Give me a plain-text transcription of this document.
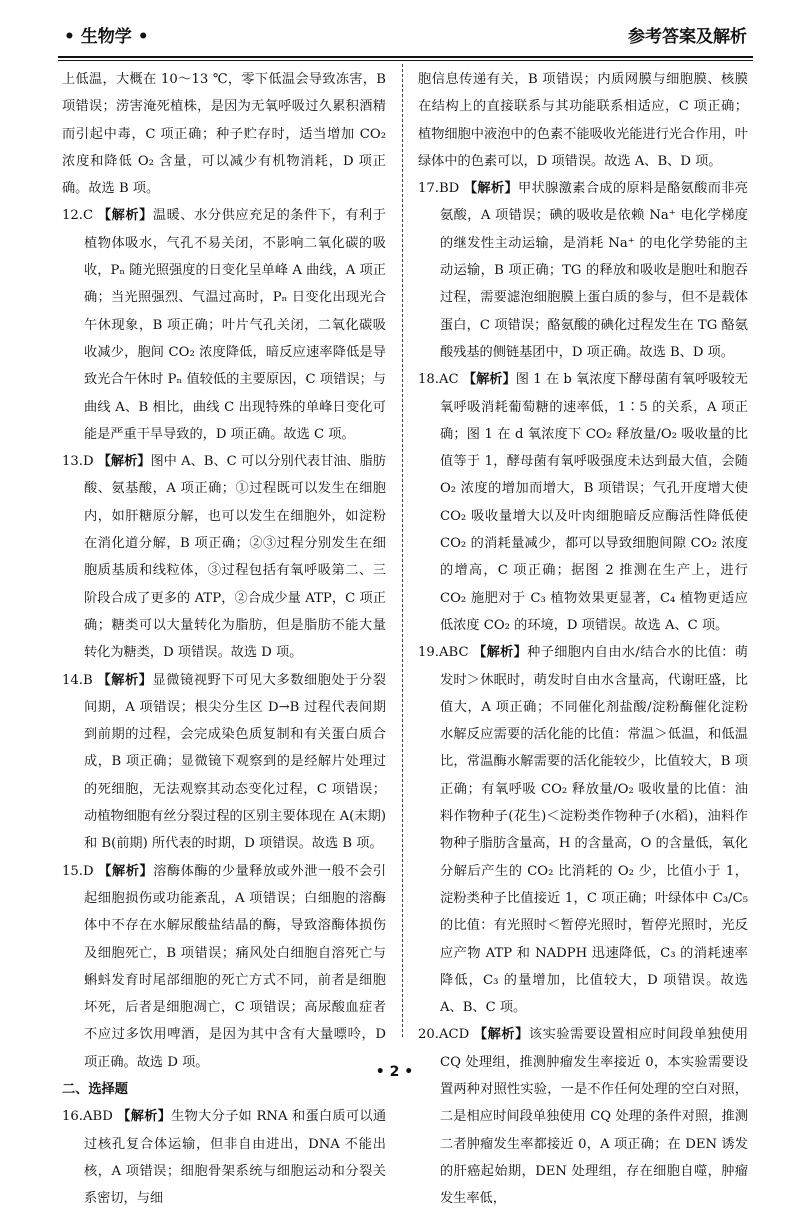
• 生物学 •	参考答案及解析

上低温，大概在 10～13 ℃，零下低温会导致冻害，B 项错误；涝害淹死植株，是因为无氧呼吸过久累积酒精而引起中毒，C 项正确；种子贮存时，适当增加 CO₂ 浓度和降低 O₂ 含量，可以减少有机物消耗，D 项正确。故选 B 项。

12.C 【解析】温暖、水分供应充足的条件下，有利于植物体吸水，气孔不易关闭，不影响二氧化碳的吸收，Pₙ 随光照强度的日变化呈单峰 A 曲线，A 项正确；当光照强烈、气温过高时，Pₙ 日变化出现光合午休现象，B 项正确；叶片气孔关闭，二氧化碳吸收减少，胞间 CO₂ 浓度降低，暗反应速率降低是导致光合午休时 Pₙ 值较低的主要原因，C 项错误；与曲线 A、B 相比，曲线 C 出现特殊的单峰日变化可能是严重干旱导致的，D 项正确。故选 C 项。

13.D 【解析】图中 A、B、C 可以分别代表甘油、脂肪酸、氨基酸，A 项正确；①过程既可以发生在细胞内，如肝糖原分解，也可以发生在细胞外，如淀粉在消化道分解，B 项正确；②③过程分别发生在细胞质基质和线粒体，③过程包括有氧呼吸第二、三阶段合成了更多的 ATP，②合成少量 ATP，C 项正确；糖类可以大量转化为脂肪，但是脂肪不能大量转化为糖类，D 项错误。故选 D 项。

14.B 【解析】显微镜视野下可见大多数细胞处于分裂间期，A 项错误；根尖分生区 D→B 过程代表间期到前期的过程，会完成染色质复制和有关蛋白质合成，B 项正确；显微镜下观察到的是经解片处理过的死细胞，无法观察其动态变化过程，C 项错误；动植物细胞有丝分裂过程的区别主要体现在 A(末期) 和 B(前期) 所代表的时期，D 项错误。故选 B 项。

15.D 【解析】溶酶体酶的少量释放或外泄一般不会引起细胞损伤或功能紊乱，A 项错误；白细胞的溶酶体中不存在水解尿酸盐结晶的酶，导致溶酶体损伤及细胞死亡，B 项错误；痛风处白细胞自溶死亡与蝌蚪发育时尾部细胞的死亡方式不同，前者是细胞坏死，后者是细胞凋亡，C 项错误；高尿酸血症者不应过多饮用啤酒，是因为其中含有大量嘌呤，D 项正确。故选 D 项。

二、选择题

16.ABD 【解析】生物大分子如 RNA 和蛋白质可以通过核孔复合体运输，但非自由进出，DNA 不能出核，A 项错误；细胞骨架系统与细胞运动和分裂关系密切，与细

胞信息传递有关，B 项错误；内质网膜与细胞膜、核膜在结构上的直接联系与其功能联系相适应，C 项正确；植物细胞中液泡中的色素不能吸收光能进行光合作用，叶绿体中的色素可以，D 项错误。故选 A、B、D 项。

17.BD 【解析】甲状腺激素合成的原料是酪氨酸而非亮氨酸，A 项错误；碘的吸收是依赖 Na⁺ 电化学梯度的继发性主动运输，是消耗 Na⁺ 的电化学势能的主动运输，B 项正确；TG 的释放和吸收是胞吐和胞吞过程，需要滤泡细胞膜上蛋白质的参与，但不是载体蛋白，C 项错误；酪氨酸的碘化过程发生在 TG 酪氨酸残基的侧链基团中，D 项正确。故选 B、D 项。

18.AC 【解析】图 1 在 b 氧浓度下酵母菌有氧呼吸较无氧呼吸消耗葡萄糖的速率低，1∶5 的关系，A 项正确；图 1 在 d 氧浓度下 CO₂ 释放量/O₂ 吸收量的比值等于 1，酵母菌有氧呼吸强度未达到最大值，会随 O₂ 浓度的增加而增大，B 项错误；气孔开度增大使 CO₂ 吸收量增大以及叶肉细胞暗反应酶活性降低使 CO₂ 的消耗量减少，都可以导致细胞间隙 CO₂ 浓度的增高，C 项正确；据图 2 推测在生产上，进行 CO₂ 施肥对于 C₃ 植物效果更显著，C₄ 植物更适应低浓度 CO₂ 的环境，D 项错误。故选 A、C 项。

19.ABC 【解析】种子细胞内自由水/结合水的比值：萌发时＞休眠时，萌发时自由水含量高，代谢旺盛，比值大，A 项正确；不同催化剂盐酸/淀粉酶催化淀粉水解反应需要的活化能的比值：常温＞低温，和低温比，常温酶水解需要的活化能较少，比值较大，B 项正确；有氧呼吸 CO₂ 释放量/O₂ 吸收量的比值：油料作物种子(花生)＜淀粉类作物种子(水稻)，油料作物种子脂肪含量高，H 的含量高，O 的含量低，氧化分解后产生的 CO₂ 比消耗的 O₂ 少，比值小于 1，淀粉类种子比值接近 1，C 项正确；叶绿体中 C₃/C₅ 的比值：有光照时＜暂停光照时，暂停光照时，光反应产物 ATP 和 NADPH 迅速降低，C₃ 的消耗速率降低，C₃ 的量增加，比值较大，D 项错误。故选 A、B、C 项。

20.ACD 【解析】该实验需要设置相应时间段单独使用 CQ 处理组，推测肿瘤发生率接近 0，本实验需要设置两种对照性实验，一是不作任何处理的空白对照，二是相应时间段单独使用 CQ 处理的条件对照，推测二者肿瘤发生率都接近 0，A 项正确；在 DEN 诱发的肝癌起始期，DEN 处理组，存在细胞自噬，肿瘤发生率低，

• 2 •
